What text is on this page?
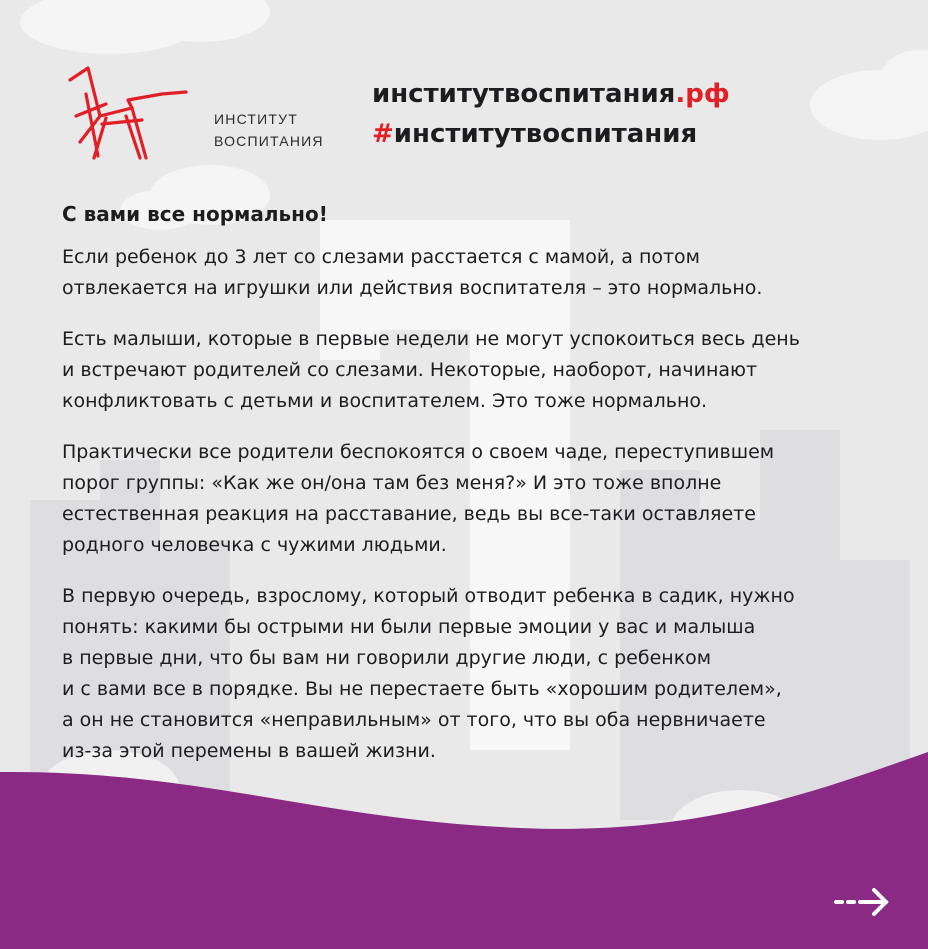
ИНСТИТУТ
ВОСПИТАНИЯ
институтвоспитания.рф
#институтвоспитания
С вами все нормально!

Если ребенок до 3 лет со слезами расстается с мамой, а потом
отвлекается на игрушки или действия воспитателя – это нормально.

Есть малыши, которые в первые недели не могут успокоиться весь день
и встречают родителей со слезами. Некоторые, наоборот, начинают
конфликтовать с детьми и воспитателем. Это тоже нормально.

Практически все родители беспокоятся о своем чаде, переступившем
порог группы: «Как же он/она там без меня?» И это тоже вполне
естественная реакция на расставание, ведь вы все-таки оставляете
родного человечка с чужими людьми.

В первую очередь, взрослому, который отводит ребенка в садик, нужно
понять: какими бы острыми ни были первые эмоции у вас и малыша
в первые дни, что бы вам ни говорили другие люди, с ребенком
и с вами все в порядке. Вы не перестаете быть «хорошим родителем»,
а он не становится «неправильным» от того, что вы оба нервничаете
из-за этой перемены в вашей жизни.
